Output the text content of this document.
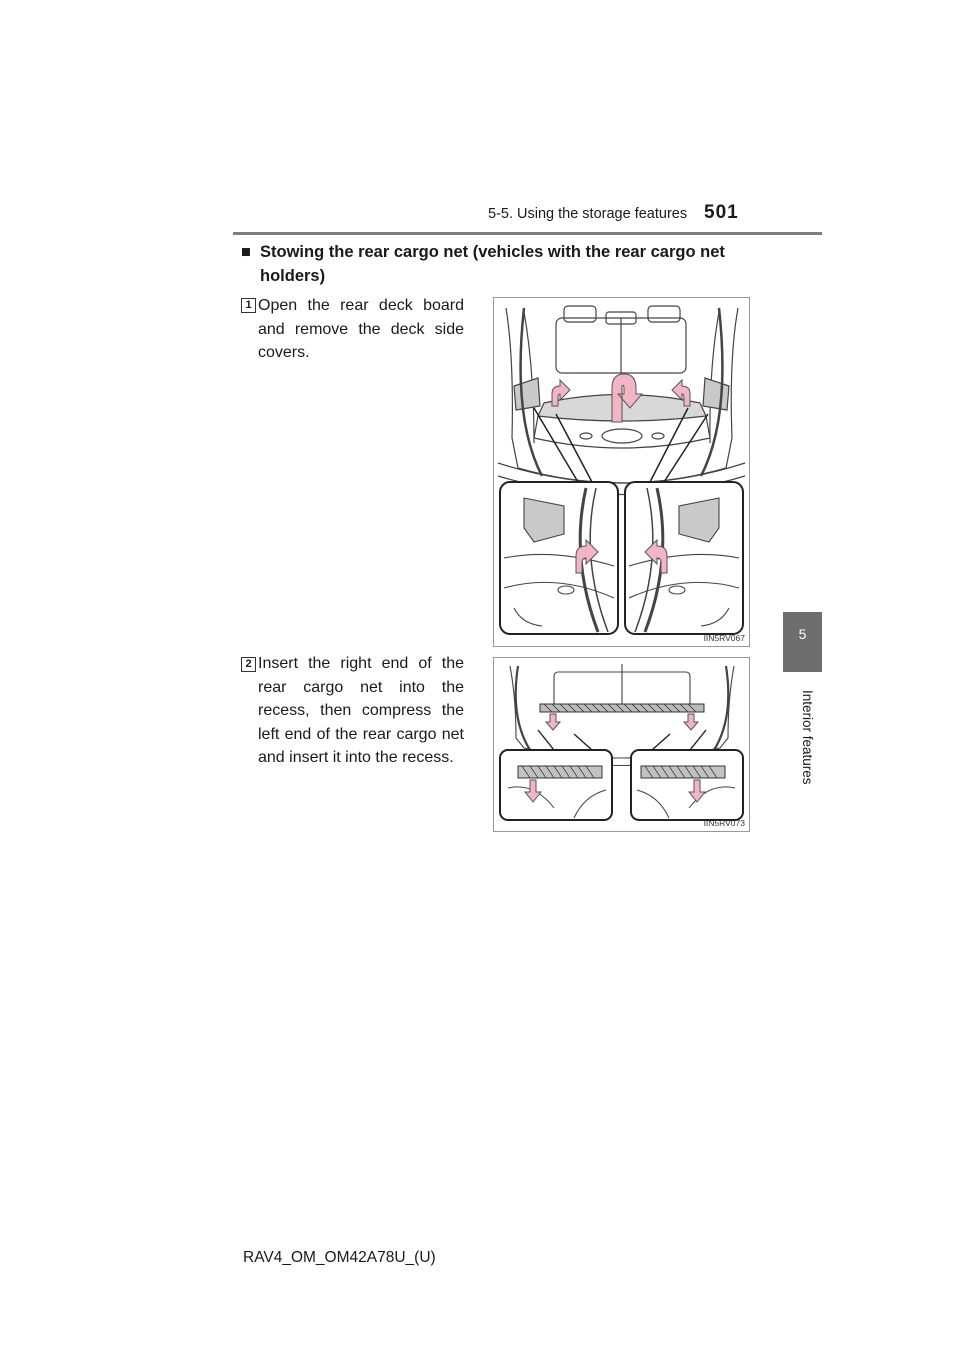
5-5. Using the storage features 501
5
Interior features
■ Stowing the rear cargo net (vehicles with the rear cargo net
holders)
1 Open the rear deck board and remove the deck side covers.
IIN5RV067
2 Insert the right end of the rear cargo net into the recess, then compress the left end of the rear cargo net and insert it into the recess.
IIN5RV073
RAV4_OM_OM42A78U_(U)
